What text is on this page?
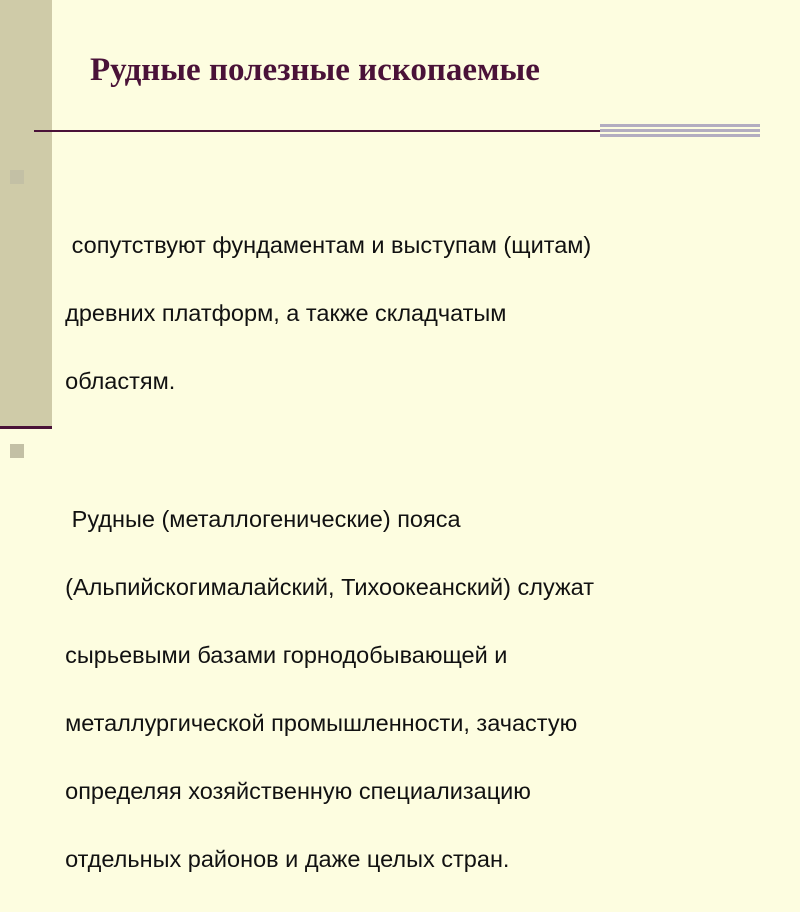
Рудные полезные ископаемые

сопутствуют фундаментам и выступам (щитам)

древних платформ, а также складчатым

областям.

Рудные (металлогенические) пояса

(Альпийскогималайский, Тихоокеанский) служат

сырьевыми базами горнодобывающей и

металлургической промышленности, зачастую

определяя хозяйственную специализацию

отдельных районов и даже целых стран.
